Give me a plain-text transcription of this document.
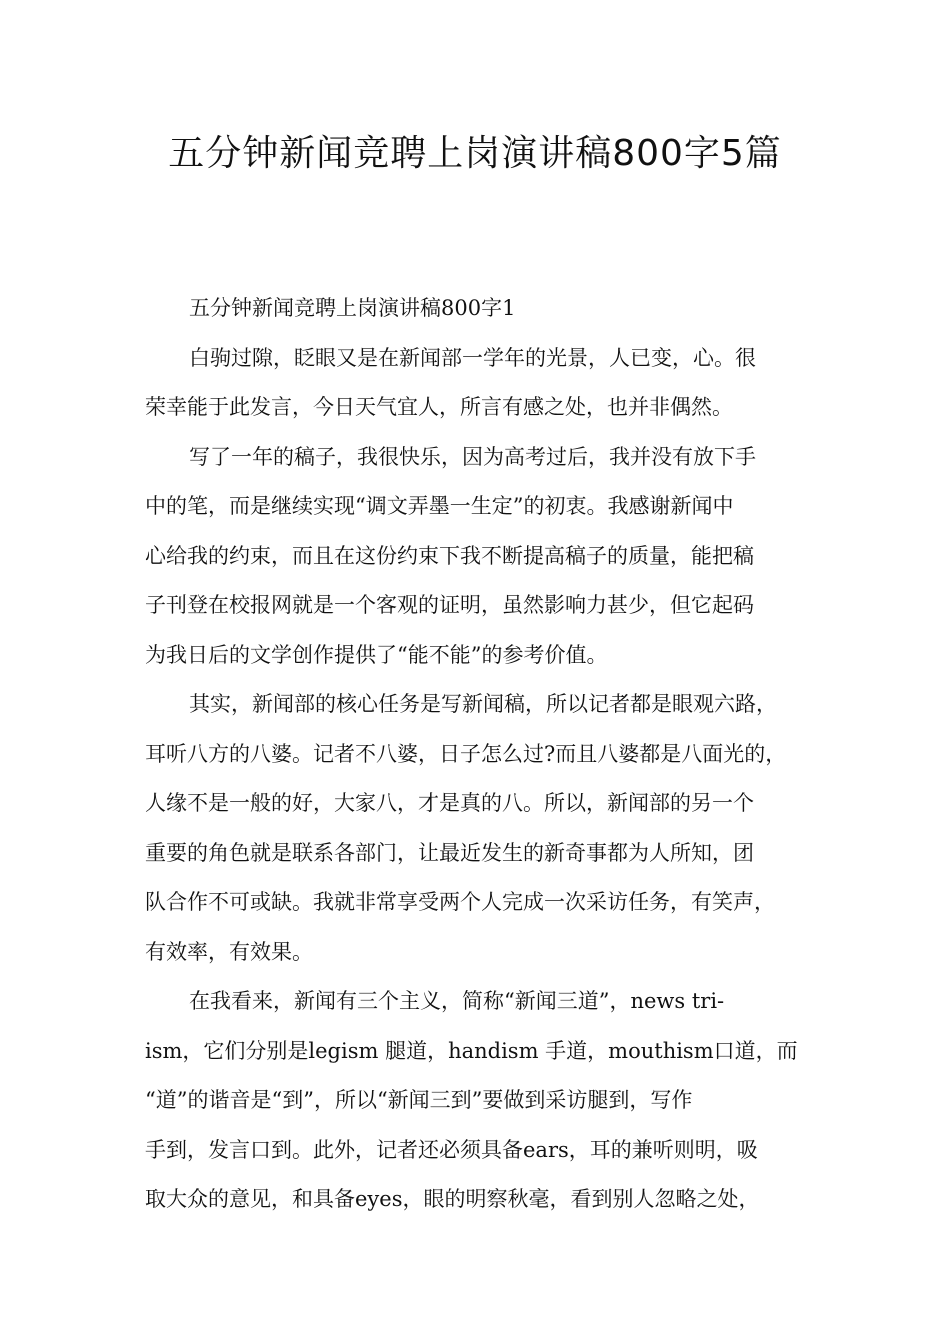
五分钟新闻竞聘上岗演讲稿800字5篇
五分钟新闻竞聘上岗演讲稿800字1
白驹过隙，眨眼又是在新闻部一学年的光景，人已变，心。很
荣幸能于此发言，今日天气宜人，所言有感之处，也并非偶然。
写了一年的稿子，我很快乐，因为高考过后，我并没有放下手
中的笔，而是继续实现“调文弄墨一生定”的初衷。我感谢新闻中
心给我的约束，而且在这份约束下我不断提高稿子的质量，能把稿
子刊登在校报网就是一个客观的证明，虽然影响力甚少，但它起码
为我日后的文学创作提供了“能不能”的参考价值。
其实，新闻部的核心任务是写新闻稿，所以记者都是眼观六路，
耳听八方的八婆。记者不八婆，日子怎么过?而且八婆都是八面光的，
人缘不是一般的好，大家八，才是真的八。所以，新闻部的另一个
重要的角色就是联系各部门，让最近发生的新奇事都为人所知，团
队合作不可或缺。我就非常享受两个人完成一次采访任务，有笑声，
有效率，有效果。
在我看来，新闻有三个主义，简称“新闻三道”，news tri-
ism，它们分别是legism 腿道，handism 手道，mouthism口道，而
“道”的谐音是“到”，所以“新闻三到”要做到采访腿到，写作
手到，发言口到。此外，记者还必须具备ears，耳的兼听则明，吸
取大众的意见，和具备eyes，眼的明察秋毫，看到别人忽略之处，
